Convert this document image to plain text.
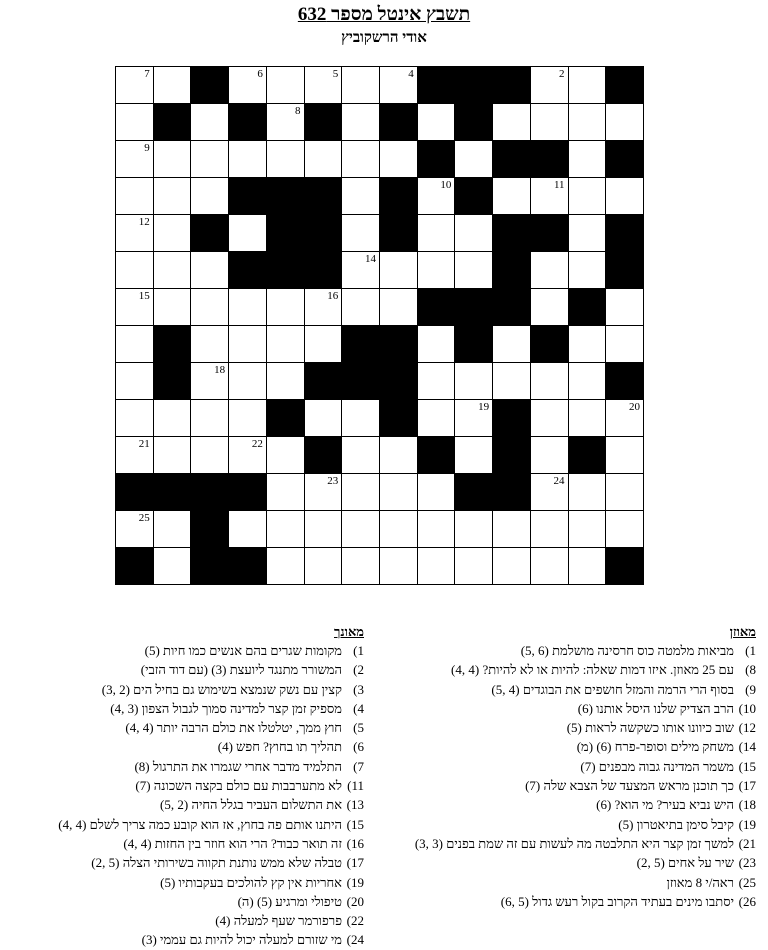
תשבץ אינטל מספר 632
אודי הרשקוביץ
7	6	5	4	2
8
9
10	11
12
14
15	16
18
19	20
21	22
23	24
25
מאוזן
1)מביאות מלמטה כוס חרסינה מושלמת (6 ,5)
8)עם 25 מאוזן. איזו דמות שאלה: להיות או לא להיות? (4 ,4)
9)בסוף הרי הרמה והמזל חושפים את הבוגדים (4 ,5)
10)הרב הצדיק שלנו היסל אותנו (6)
12)שוב כיוונו אותו כשקשה לראות (5)
14)משחק מילים וסופר-פרח (6) (מ)
15)משמר המדינה גבוה מבפנים (7)
17)כך תוכנן מראש המצעד של הצבא שלה (7)
18)היש נביא בעיר? מי הוא? (6)
19)קיבל סימן בתיאטרון (5)
21)למשך זמן קצר היא התלבטה מה לעשות עם זה שמת בפנים (3 ,3)
23)שיר על אחים (5 ,2)
25)ראה/י 8 מאוזן
26)יסתבו מינים בעתיד הקרוב בקול רעש גדול (5 ,6)
מאונך
1)מקומות שגרים בהם אנשים כמו חיות (5)
2)המשורר מתנגד ליועצת (3) (עם דוד הזבי)
3)קצין עם נשק שנמצא בשימוש גם בחיל הים (2 ,3)
4)מספיק זמן קצר למדינה סמוך לגבול הצפון (3 ,4)
5)חוץ ממך, יטלטלו את כולם הרבה יותר (4 ,4)
6)תהליך תו בחוץ? חפש (4)
7)התלמיד מדבר אחרי שגמרו את התרגול (8)
11)לא מתערבבות עם כולם בקצה השכונה (7)
13)את התשלום העביר בגלל החיה (2 ,5)
15)היתנו אותם פה בחוץ, אז הוא קובע כמה צריך לשלם (4 ,4)
16)זה תואר כבוד? הרי הוא חוזר בין החזות (4 ,4)
17)טבלה שלא ממש נותנת תקווה בשירותי הצלה (5 ,2)
19)אחריות אין קץ להולכים בעקבותיו (5)
20)טיפולי ומרגיע (5) (ה)
22)פרפורמר שעף למעלה (4)
24)מי שזורם למעלה יכול להיות גם עממי (3)
